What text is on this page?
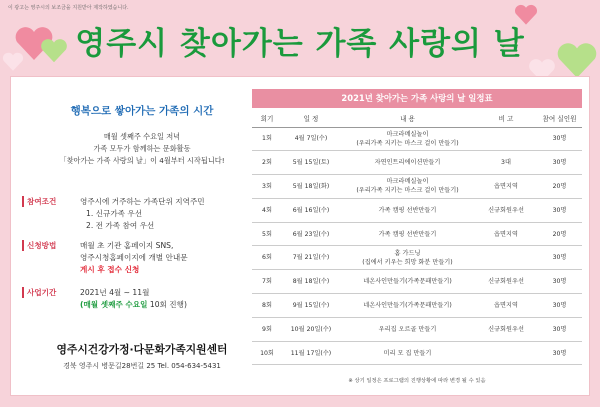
이 광고는 영주시의 보조금을 지원받아 제작하였습니다.
영주시 찾아가는 가족 사랑의 날
행복으로 쌓아가는 가족의 시간
매월 셋째주 수요일 저녁
가족 모두가 함께하는 문화활동
「찾아가는 가족 사랑의 날」이 4월부터 시작됩니다!
참여조건	영주시에 거주하는 가족단위 지역주민
1. 신규가족 우선
2. 전 가족 참여 우선
신청방법	매월 초 기관 홈페이지 SNS,
영주시청홈페이지에 개별 안내문
게시 후 접수 신청
사업기간	2021년 4월 ~ 11월
(매월 셋째주 수요일 10회 진행)
영주시건강가정·다문화가족지원센터
경북 영주시 병문길28번길 25 Tel. 054-634-5431
2021년 찾아가는 가족 사랑의 날 일정표
회기	일 정	내 용	비 고	참여 실인원
1회	4월 7일(수)	마크라메실놀이
(우리가족 지키는 마스크 걸이 만들기)		30명
2회	5월 15일(토)	자연인트리에이션만들기	3대	30명
3회	5월 18일(화)	마크라메실놀이
(우리가족 지키는 마스크 걸이 만들기)	읍면지역	20명
4회	6월 16일(수)	가족 캠핑 선반만들기	신규회원우선	30명
5회	6월 23일(수)	가족 캠핑 선반만들기	읍면지역	20명
6회	7월 21일(수)	홈 가드닝
(집에서 키우는 희망 화분 만들기)		30명
7회	8월 18일(수)	네온사인만들기(가족문패만들기)	신규회원우선	30명
8회	9월 15일(수)	네온사인만들기(가족문패만들기)	읍면지역	30명
9회	10월 20일(수)	우리집 오르골 만들기	신규회원우선	30명
10회	11월 17일(수)	미리 모 집 만들기		30명
※ 상기 일정은 프로그램의 진행상황에 따라 변경 될 수 있음
